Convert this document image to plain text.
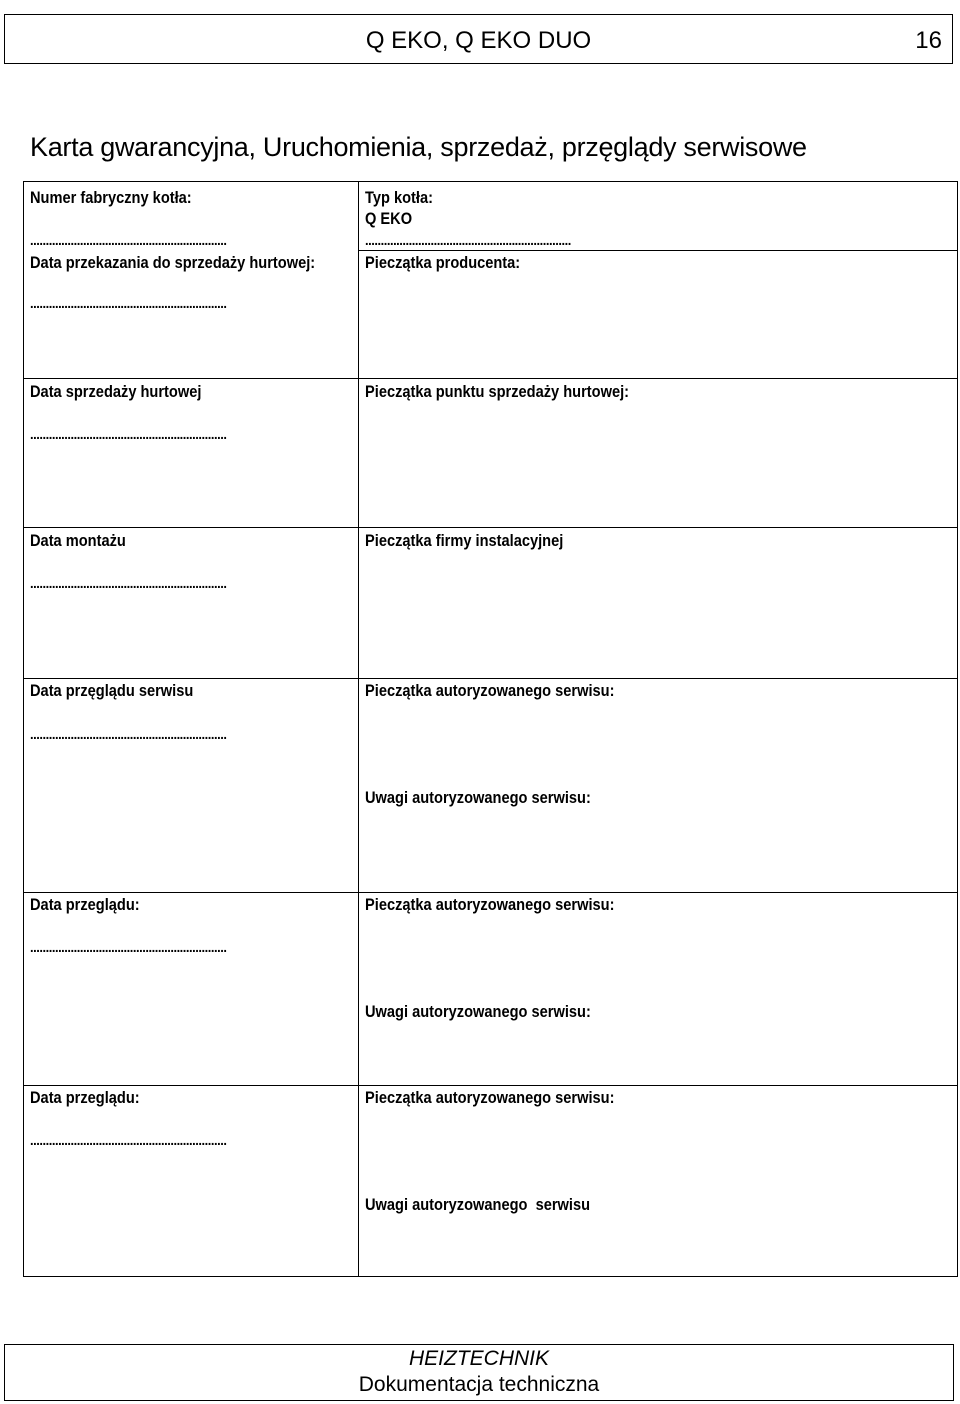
Q EKO, Q EKO DUO	16
Karta gwarancyjna, Uruchomienia, sprzedaż, przęglądy serwisowe
Numer fabryczny kotła:
...............................................................
Data przekazania do sprzedaży hurtowej:
...............................................................
Typ kotła:
Q EKO
..................................................................
Pieczątka producenta:
Data sprzedaży hurtowej
...............................................................
Pieczątka punktu sprzedaży hurtowej:
Data montażu
...............................................................
Pieczątka firmy instalacyjnej
Data przęglądu serwisu
...............................................................
Pieczątka autoryzowanego serwisu:
Uwagi autoryzowanego serwisu:
Data przeglądu:
...............................................................
Pieczątka autoryzowanego serwisu:
Uwagi autoryzowanego serwisu:
Data przeglądu:
...............................................................
Pieczątka autoryzowanego serwisu:
Uwagi autoryzowanego  serwisu
HEIZTECHNIK
Dokumentacja techniczna
